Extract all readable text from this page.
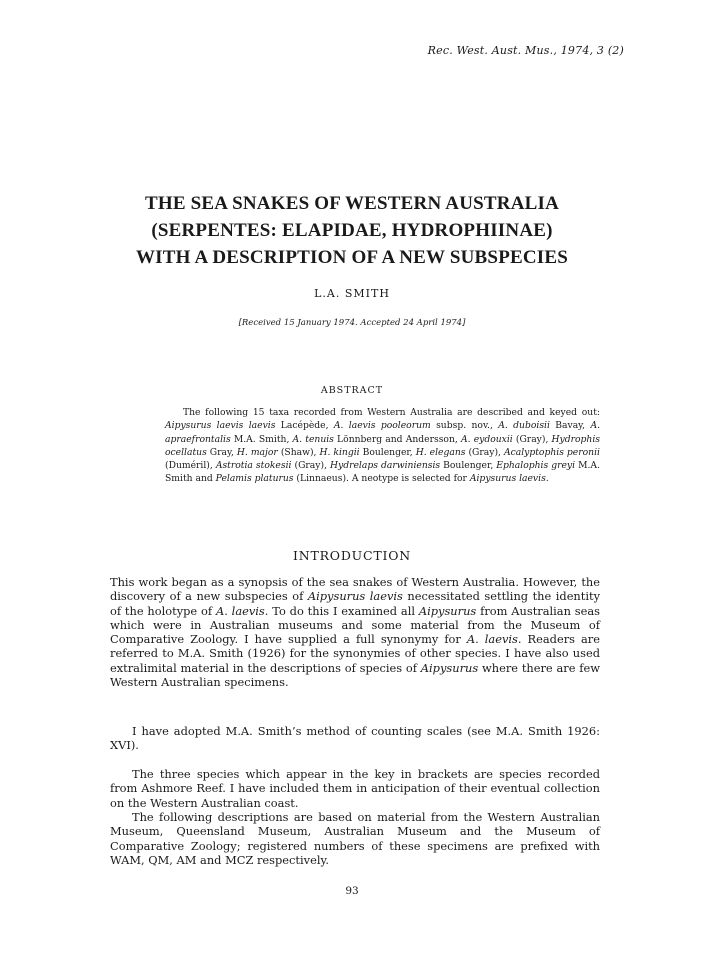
Rec. West. Aust. Mus., 1974, 3 (2)
THE SEA SNAKES OF WESTERN AUSTRALIA
(SERPENTES: ELAPIDAE, HYDROPHIINAE)
WITH A DESCRIPTION OF A NEW SUBSPECIES
L.A. SMITH
[Received 15 January 1974. Accepted 24 April 1974]
ABSTRACT

The following 15 taxa recorded from Western Australia are described and keyed out: Aipysurus laevis laevis Lacépède, A. laevis pooleorum subsp. nov., A. duboisii Bavay, A. apraefrontalis M.A. Smith, A. tenuis Lönnberg and Andersson, A. eydouxii (Gray), Hydrophis ocellatus Gray, H. major (Shaw), H. kingii Boulenger, H. elegans (Gray), Acalyptophis peronii (Duméril), Astrotia stokesii (Gray), Hydrelaps darwiniensis Boulenger, Ephalophis greyi M.A. Smith and Pelamis platurus (Linnaeus). A neotype is selected for Aipysurus laevis.

INTRODUCTION

This work began as a synopsis of the sea snakes of Western Australia. However, the discovery of a new subspecies of Aipysurus laevis necessitated settling the identity of the holotype of A. laevis. To do this I examined all Aipysurus from Australian seas which were in Australian museums and some material from the Museum of Comparative Zoology. I have supplied a full synonymy for A. laevis. Readers are referred to M.A. Smith (1926) for the synonymies of other species. I have also used extralimital material in the descriptions of species of Aipysurus where there are few Western Australian specimens.

I have adopted M.A. Smith’s method of counting scales (see M.A. Smith 1926: XVI).

The three species which appear in the key in brackets are species recorded from Ashmore Reef. I have included them in anticipation of their eventual collection on the Western Australian coast.

The following descriptions are based on material from the Western Australian Museum, Queensland Museum, Australian Museum and the Museum of Comparative Zoology; registered numbers of these specimens are prefixed with WAM, QM, AM and MCZ respectively.

93
